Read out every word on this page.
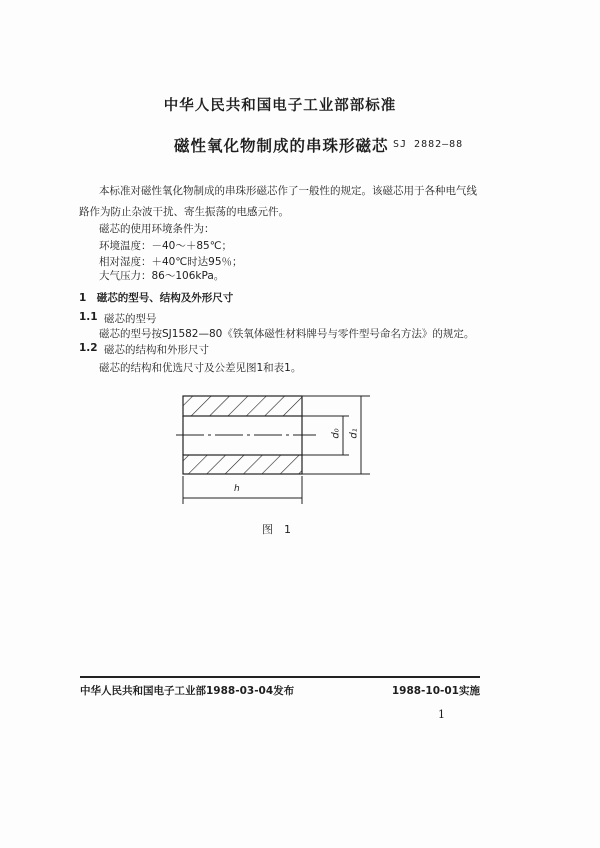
中华人民共和国电子工业部部标准
磁性氧化物制成的串珠形磁芯 SJ 2882—88
本标准对磁性氧化物制成的串珠形磁芯作了一般性的规定。该磁芯用于各种电气线
路作为防止杂波干扰、寄生振荡的电感元件。
磁芯的使用环境条件为：
环境温度：－40～＋85℃；
相对湿度：＋40℃时达95％；
大气压力：86～106kPa。
1　磁芯的型号、结构及外形尺寸
1.1 磁芯的型号
磁芯的型号按SJ1582—80《铁氧体磁性材料牌号与零件型号命名方法》的规定。
1.2 磁芯的结构和外形尺寸
磁芯的结构和优选尺寸及公差见图1和表1。
d₀ d₁
h
图　1
中华人民共和国电子工业部1988-03-04发布	1988-10-01实施
1
